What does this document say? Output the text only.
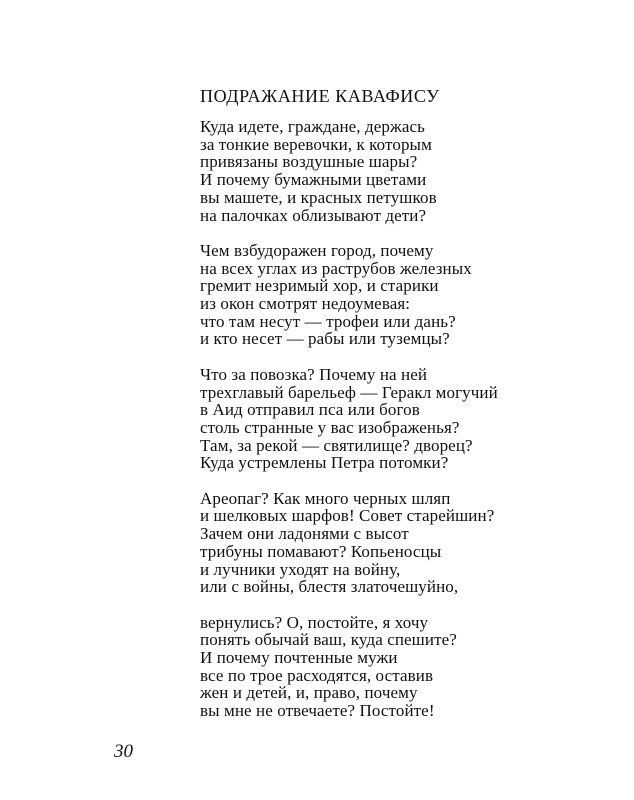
ПОДРАЖАНИЕ КАВАФИСУ
Куда идете, граждане, держась
за тонкие веревочки, к которым
привязаны воздушные шары?
И почему бумажными цветами
вы машете, и красных петушков
на палочках облизывают дети?
Чем взбудоражен город, почему
на всех углах из раструбов железных
гремит незримый хор, и старики
из окон смотрят недоумевая:
что там несут — трофеи или дань?
и кто несет — рабы или туземцы?
Что за повозка? Почему на ней
трехглавый барельеф — Геракл могучий
в Аид отправил пса или богов
столь странные у вас изображенья?
Там, за рекой — святилище? дворец?
Куда устремлены Петра потомки?
Ареопаг? Как много черных шляп
и шелковых шарфов! Совет старейшин?
Зачем они ладонями с высот
трибуны помавают? Копьеносцы
и лучники уходят на войну,
или с войны, блестя златочешуйно,
вернулись? О, постойте, я хочу
понять обычай ваш, куда спешите?
И почему почтенные мужи
все по трое расходятся, оставив
жен и детей, и, право, почему
вы мне не отвечаете? Постойте!
30
